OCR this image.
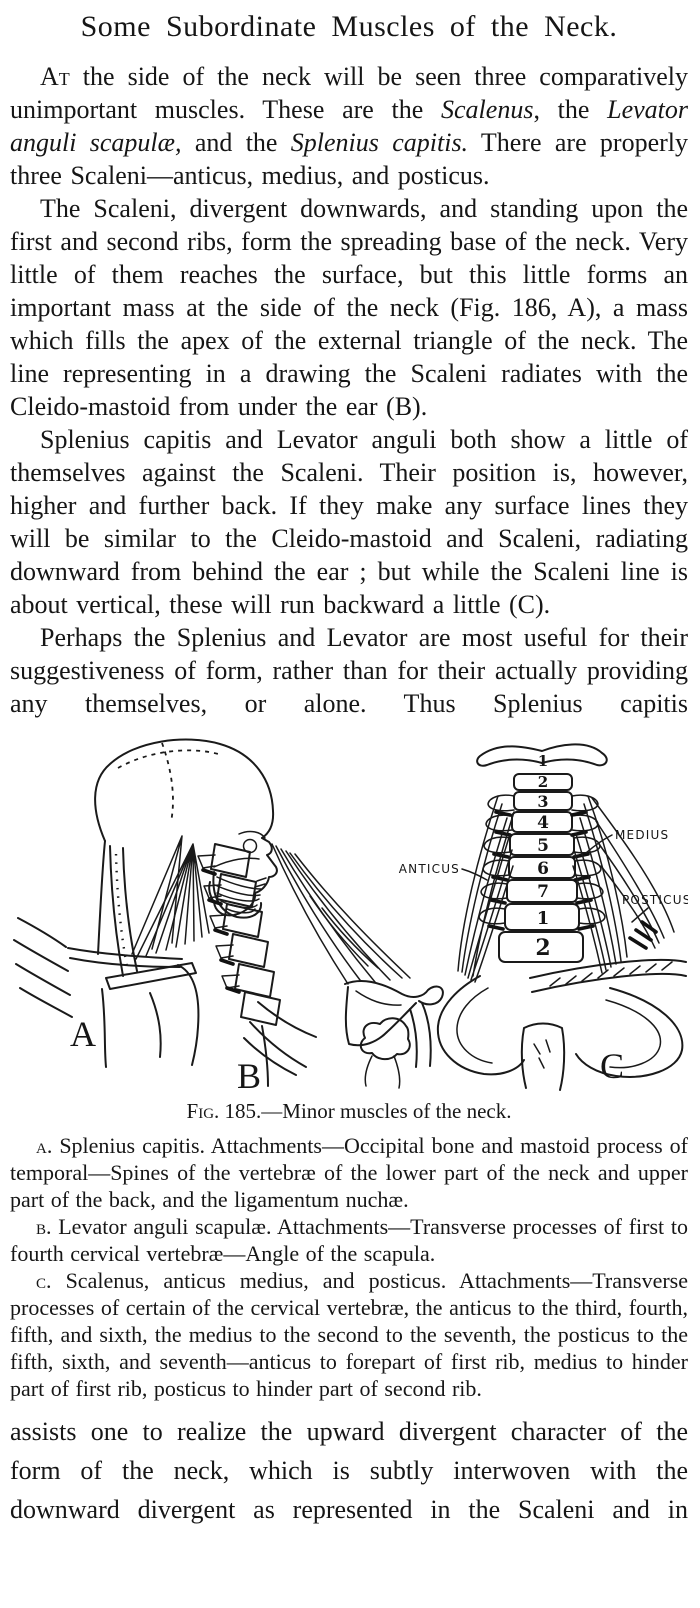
Some Subordinate Muscles of the Neck.

At the side of the neck will be seen three comparatively unimportant muscles. These are the Scalenus, the Levator anguli scapulæ, and the Splenius capitis. There are properly three Scaleni—anticus, medius, and posticus.

The Scaleni, divergent downwards, and standing upon the first and second ribs, form the spreading base of the neck. Very little of them reaches the surface, but this little forms an important mass at the side of the neck (Fig. 186, A), a mass which fills the apex of the external triangle of the neck. The line representing in a drawing the Scaleni radiates with the Cleido-mastoid from under the ear (B).

Splenius capitis and Levator anguli both show a little of themselves against the Scaleni. Their position is, however, higher and further back. If they make any surface lines they will be similar to the Cleido-mastoid and Scaleni, radiating downward from behind the ear ; but while the Scaleni line is about vertical, these will run backward a little (C).

Perhaps the Splenius and Levator are most useful for their suggestiveness of form, rather than for their actually providing any themselves, or alone. Thus Splenius capitis

A
B
1
2
3
4
5
6
7
1
2
ANTICUS
MEDIUS
POSTICUS
C
Fig. 185.—Minor muscles of the neck.

a. Splenius capitis. Attachments—Occipital bone and mastoid process of temporal—Spines of the vertebræ of the lower part of the neck and upper part of the back, and the ligamentum nuchæ.

b. Levator anguli scapulæ. Attachments—Transverse processes of first to fourth cervical vertebræ—Angle of the scapula.

c. Scalenus, anticus medius, and posticus. Attachments—Transverse processes of certain of the cervical vertebræ, the anticus to the third, fourth, fifth, and sixth, the medius to the second to the seventh, the posticus to the fifth, sixth, and seventh—anticus to forepart of first rib, medius to hinder part of first rib, posticus to hinder part of second rib.

assists one to realize the upward divergent character of the form of the neck, which is subtly interwoven with the downward divergent as represented in the Scaleni and in
